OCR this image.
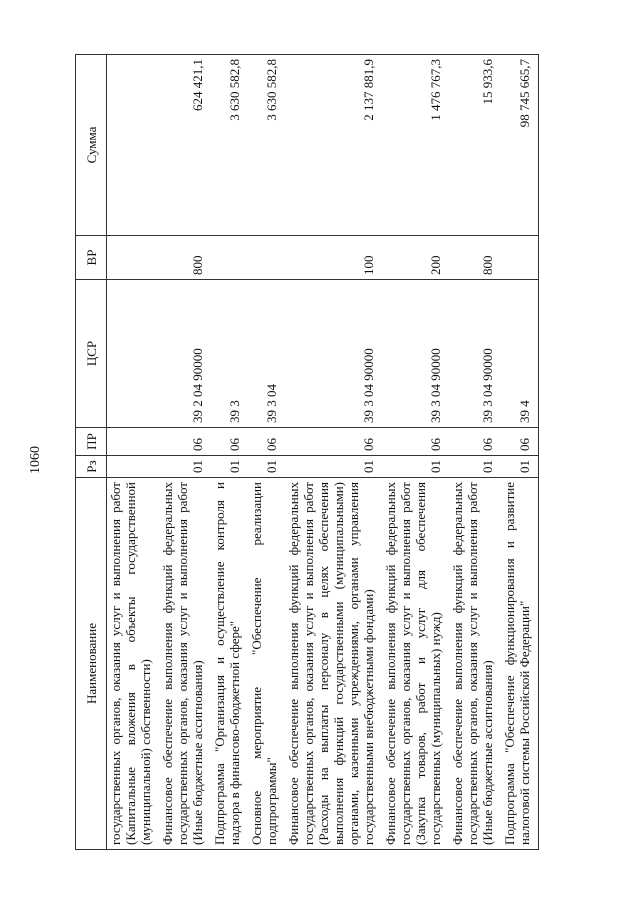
1060
Наименование	Рз	ПР	ЦСР	ВР	Сумма
государственных органов, оказания услуг и выполнения работ (Капитальные вложения в объекты государственной (муниципальной) собственности)					
Финансовое обеспечение выполнения функций федеральных государственных органов, оказания услуг и выполнения работ (Иные бюджетные ассигнования)	01	06	39 2 04 90000	800	624 421,1
Подпрограмма "Организация и осуществление контроля и надзора в финансово-бюджетной сфере"	01	06	39 3		3 630 582,8
Основное мероприятие "Обеспечение реализации подпрограммы"	01	06	39 3 04		3 630 582,8
Финансовое обеспечение выполнения функций федеральных государственных органов, оказания услуг и выполнения работ (Расходы на выплаты персоналу в целях обеспечения выполнения функций государственными (муниципальными) органами, казенными учреждениями, органами управления государственными внебюджетными фондами)	01	06	39 3 04 90000	100	2 137 881,9
Финансовое обеспечение выполнения функций федеральных государственных органов, оказания услуг и выполнения работ (Закупка товаров, работ и услуг для обеспечения государственных (муниципальных) нужд)	01	06	39 3 04 90000	200	1 476 767,3
Финансовое обеспечение выполнения функций федеральных государственных органов, оказания услуг и выполнения работ (Иные бюджетные ассигнования)	01	06	39 3 04 90000	800	15 933,6
Подпрограмма "Обеспечение функционирования и развитие налоговой системы Российской Федерации"	01	06	39 4		98 745 665,7
